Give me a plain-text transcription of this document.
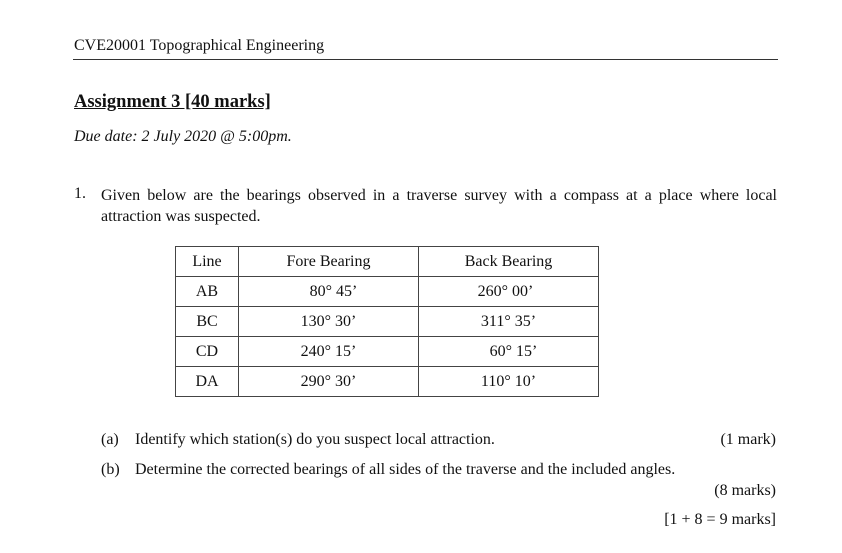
CVE20001 Topographical Engineering
Assignment 3 [40 marks]
Due date: 2 July 2020 @ 5:00pm.
1. Given below are the bearings observed in a traverse survey with a compass at a place where local attraction was suspected.
Line	Fore Bearing	Back Bearing
AB	80° 45’	260° 00’
BC	130° 30’	311° 35’
CD	240° 15’	60° 15’
DA	290° 30’	110° 10’
(a) Identify which station(s) do you suspect local attraction.	(1 mark)
(b) Determine the corrected bearings of all sides of the traverse and the included angles.
(8 marks)
[1 + 8 = 9 marks]
